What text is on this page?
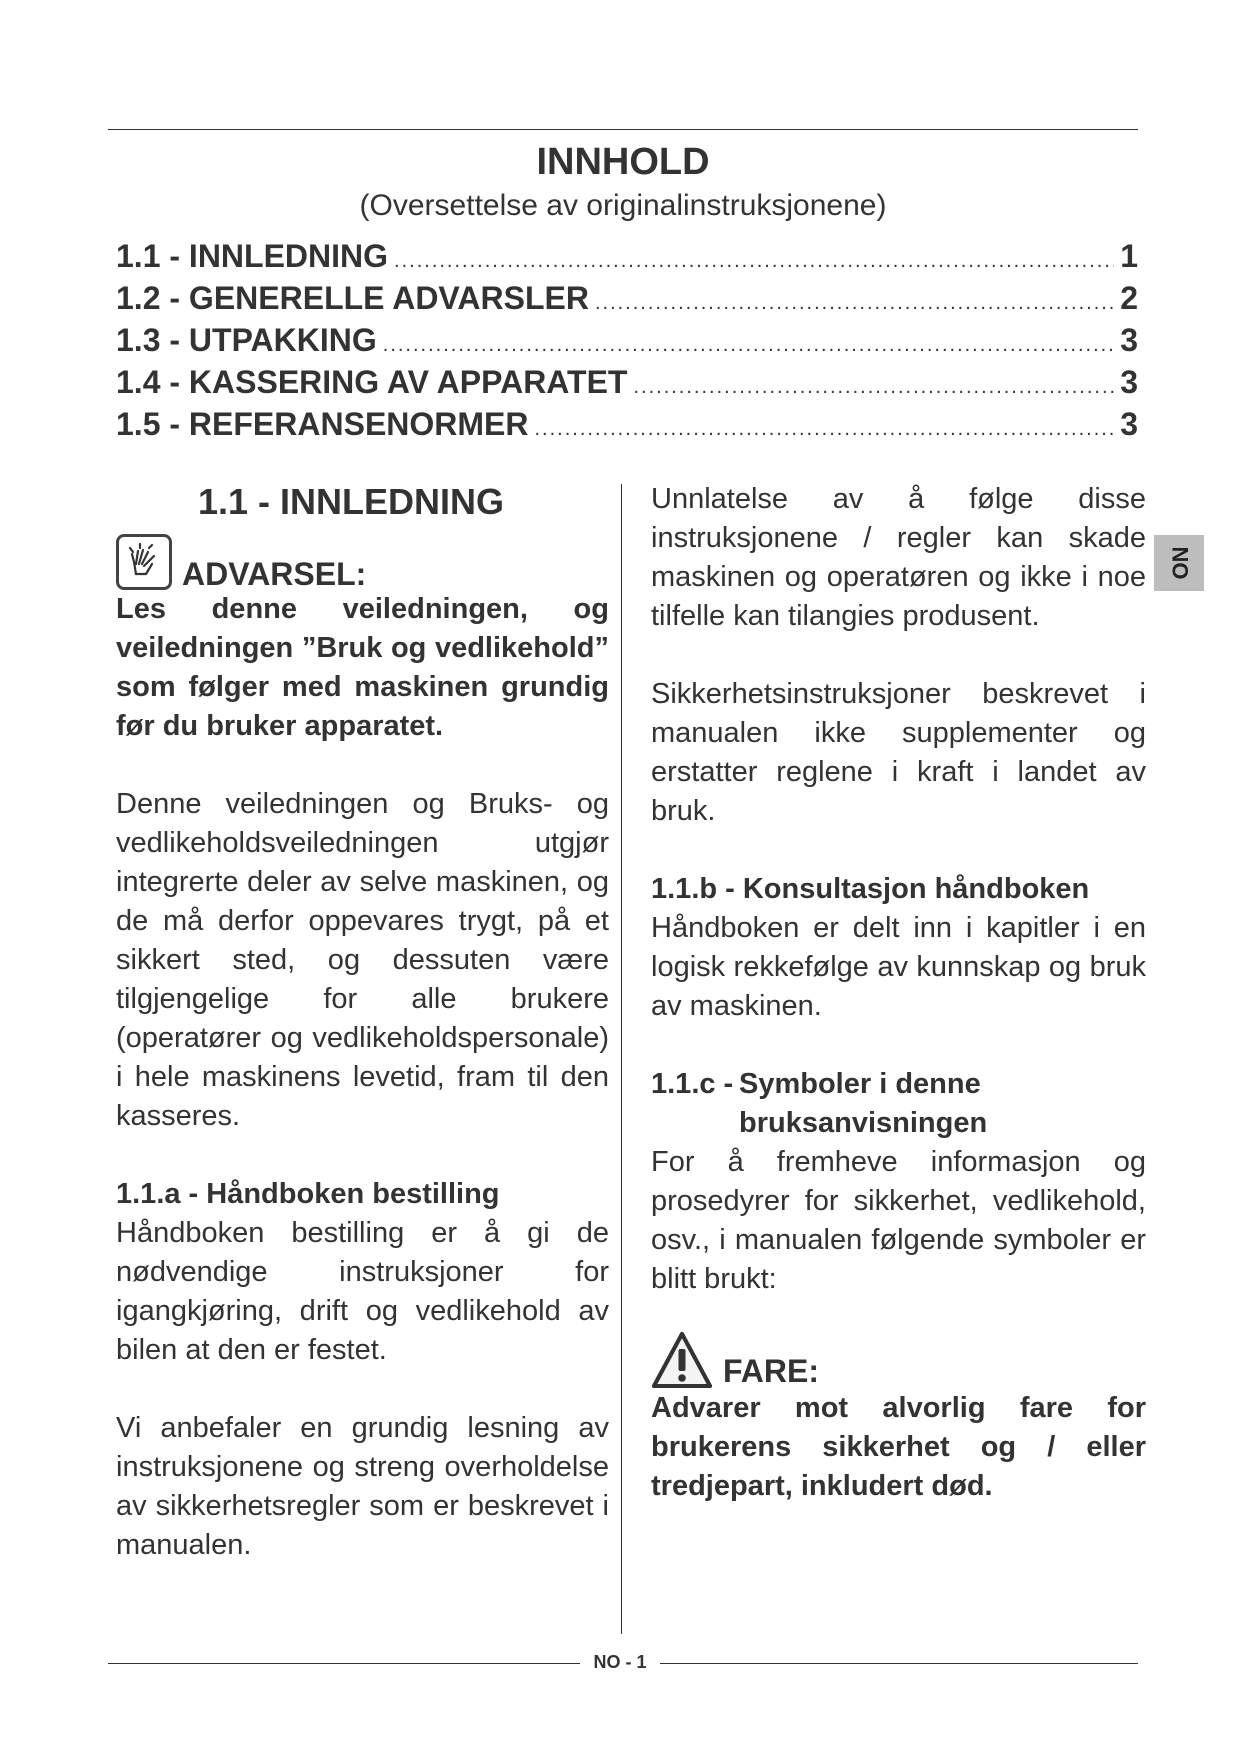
INNHOLD
(Oversettelse av originalinstruksjonene)
1.1 - INNLEDNING .....	1
1.2 - GENERELLE ADVARSLER .....	2
1.3 - UTPAKKING .....	3
1.4 - KASSERING AV APPARATET .....	3
1.5 - REFERANSENORMER .....	3
NO
1.1 - INNLEDNING
ADVARSEL:

Les denne veiledningen, og veiledningen ”Bruk og vedlikehold” som følger med maskinen grundig før du bruker apparatet.

Denne veiledningen og Bruks- og vedlikeholdsveiledningen utgjør integrerte deler av selve maskinen, og de må derfor oppevares trygt, på et sikkert sted, og dessuten være tilgjengelige for alle brukere (operatører og vedlikeholdspersonale) i hele maskinens levetid, fram til den kasseres.

1.1.a - Håndboken bestilling

Håndboken bestilling er å gi de nødvendige instruksjoner for igangkjøring, drift og vedlikehold av bilen at den er festet.

Vi anbefaler en grundig lesning av instruksjonene og streng overholdelse av sikkerhetsregler som er beskrevet i manualen.

Unnlatelse av å følge disse instruksjonene / regler kan skade maskinen og operatøren og ikke i noe tilfelle kan tilangies produsent.

Sikkerhetsinstruksjoner beskrevet i manualen ikke supplementer og erstatter reglene i kraft i landet av bruk.

1.1.b - Konsultasjon håndboken

Håndboken er delt inn i kapitler i en logisk rekkefølge av kunnskap og bruk av maskinen.

1.1.c - Symboler i denne bruksanvisningen

For å fremheve informasjon og prosedyrer for sikkerhet, vedlikehold, osv., i manualen følgende symboler er blitt brukt:

FARE:

Advarer mot alvorlig fare for brukerens sikkerhet og / eller tredjepart, inkludert død.

NO - 1
